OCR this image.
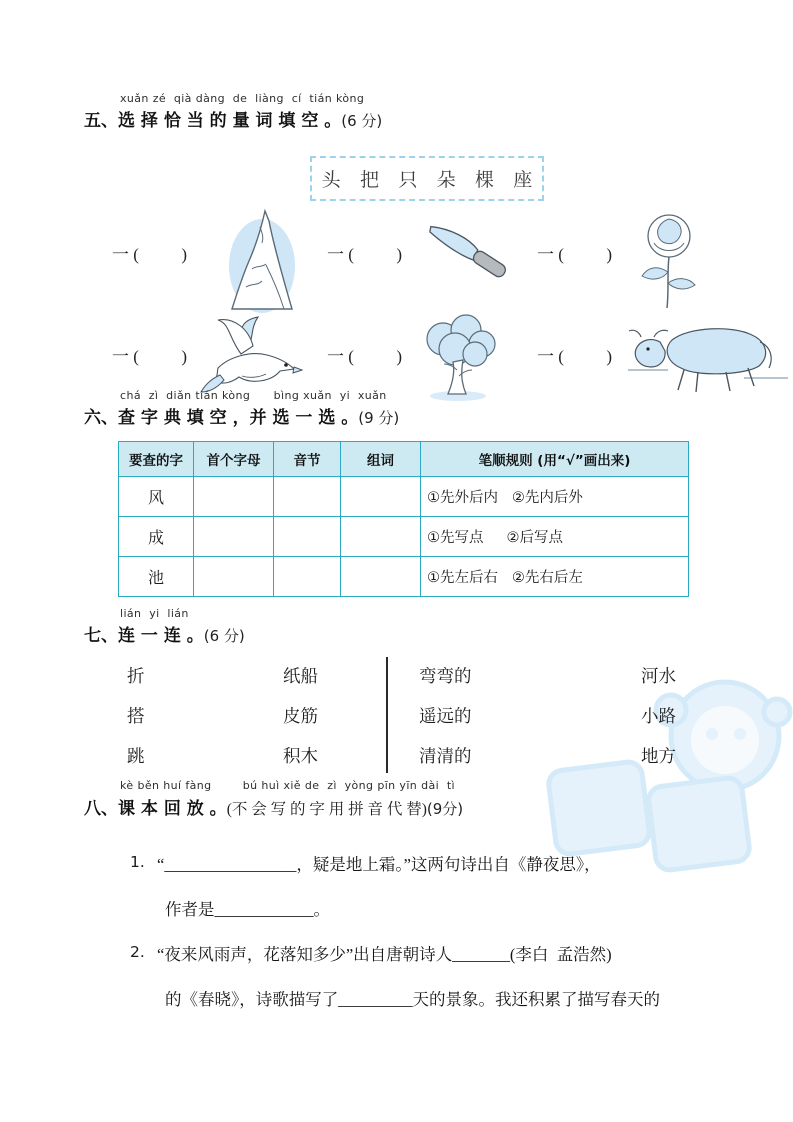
xuǎn zé  qià dàng  de  liàng  cí  tián kòng
五、选 择 恰 当 的 量 词 填 空 。(6 分)
头 把 只 朵 棵 座
一 (          )	一 (          )	一 (          )
一 (          )	一 (          )	一 (          )
chá  zì  diǎn tián kòng      bìng xuǎn  yi  xuǎn
六、查 字 典 填 空 ，并 选 一 选 。(9 分)
要查的字	首个字母	音节	组词	笔顺规则 (用“√”画出来)
风				①先外后内   ②先内后外
成				①先写点     ②后写点
池				①先左后右   ②先右后左
lián  yi  lián
七、连 一 连 。(6 分)
折
搭
跳
纸船
皮筋
积木
弯弯的
遥远的
清清的
河水
小路
地方
kè běn huí fàng        bú huì xiě de  zì  yòng pīn yīn dài  tì
八、课 本 回 放 。(不 会 写 的 字 用 拼 音 代 替)(9分)
1. “________________，疑是地上霜。”这两句诗出自《静夜思》，
作者是____________。
2. “夜来风雨声，花落知多少”出自唐朝诗人_______(李白  孟浩然)
的《春晓》，诗歌描写了_________天的景象。我还积累了描写春天的
